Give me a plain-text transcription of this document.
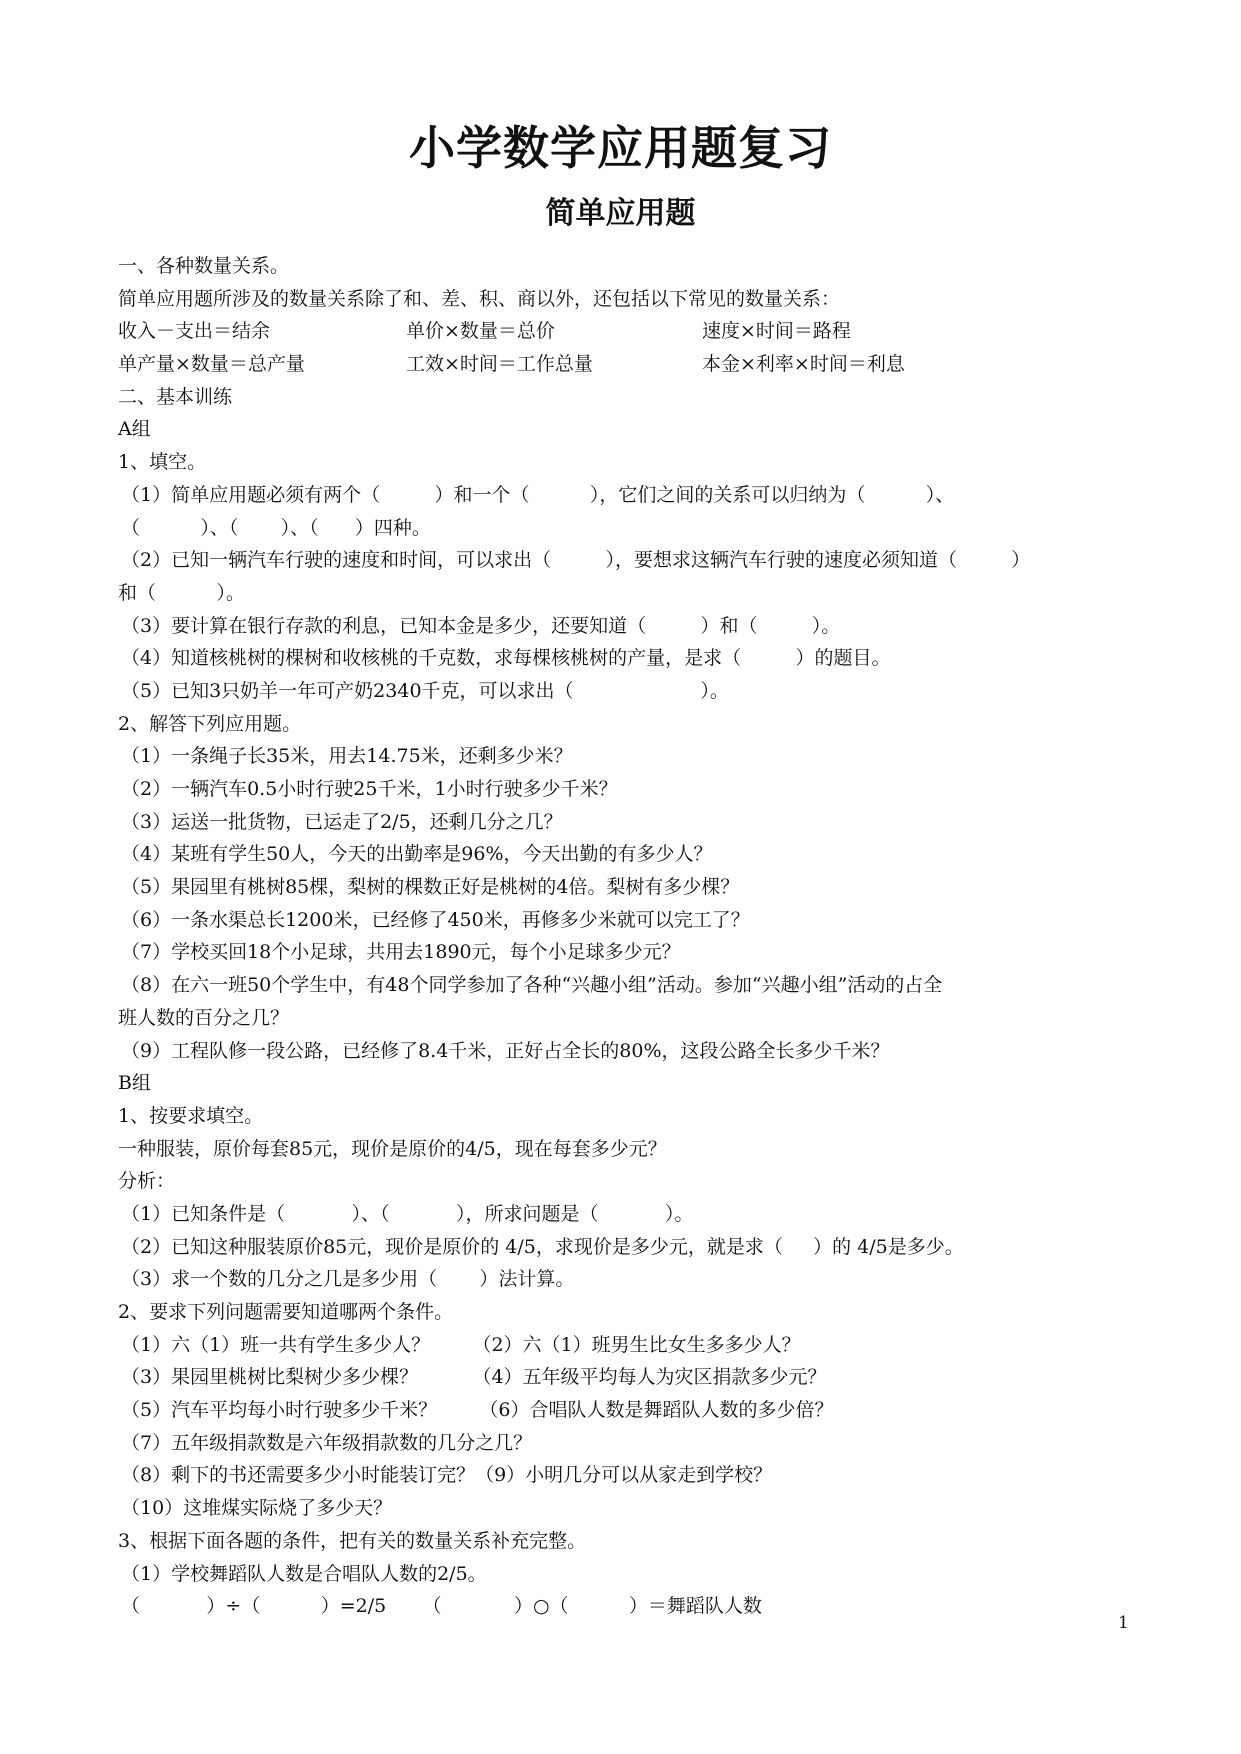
小学数学应用题复习
简单应用题
一、各种数量关系。
简单应用题所涉及的数量关系除了和、差、积、商以外，还包括以下常见的数量关系：
收入－支出＝结余	单价×数量＝总价	速度×时间＝路程
单产量×数量＝总产量	工效×时间＝工作总量	本金×利率×时间＝利息
二、基本训练
A组
1、填空。
（1）简单应用题必须有两个（         ）和一个（          ），它们之间的关系可以归纳为（          ）、
（          ）、（       ）、（      ）四种。
（2）已知一辆汽车行驶的速度和时间，可以求出（         ），要想求这辆汽车行驶的速度必须知道（         ）
和（          ）。
（3）要计算在银行存款的利息，已知本金是多少，还要知道（         ）和（         ）。
（4）知道核桃树的棵树和收核桃的千克数，求每棵核桃树的产量，是求（         ）的题目。
（5）已知3只奶羊一年可产奶2340千克，可以求出（                     ）。
2、解答下列应用题。
（1）一条绳子长35米，用去14.75米，还剩多少米？
（2）一辆汽车0.5小时行驶25千米，1小时行驶多少千米？
（3）运送一批货物，已运走了2/5，还剩几分之几？
（4）某班有学生50人，今天的出勤率是96%，今天出勤的有多少人？
（5）果园里有桃树85棵，梨树的棵数正好是桃树的4倍。梨树有多少棵？
（6）一条水渠总长1200米，已经修了450米，再修多少米就可以完工了？
（7）学校买回18个小足球，共用去1890元，每个小足球多少元？
（8）在六一班50个学生中，有48个同学参加了各种“兴趣小组”活动。参加“兴趣小组”活动的占全
班人数的百分之几？
（9）工程队修一段公路，已经修了8.4千米，正好占全长的80%，这段公路全长多少千米？
B组
1、按要求填空。
一种服装，原价每套85元，现价是原价的4/5，现在每套多少元？
分析：
（1）已知条件是（           ）、（           ），所求问题是（           ）。
（2）已知这种服装原价85元，现价是原价的 4/5，求现价是多少元，就是求（     ）的 4/5是多少。
（3）求一个数的几分之几是多少用（       ）法计算。
2、要求下列问题需要知道哪两个条件。
（1）六（1）班一共有学生多少人？       （2）六（1）班男生比女生多多少人？
（3）果园里桃树比梨树少多少棵？         （4）五年级平均每人为灾区捐款多少元？
（5）汽车平均每小时行驶多少千米？       （6）合唱队人数是舞蹈队人数的多少倍？
（7）五年级捐款数是六年级捐款数的几分之几？
（8）剩下的书还需要多少小时能装订完？（9）小明几分可以从家走到学校？
（10）这堆煤实际烧了多少天？
3、根据下面各题的条件，把有关的数量关系补充完整。
（1）学校舞蹈队人数是合唱队人数的2/5。
（           ）÷（          ）=2/5      （            ）○（          ）＝舞蹈队人数
1
